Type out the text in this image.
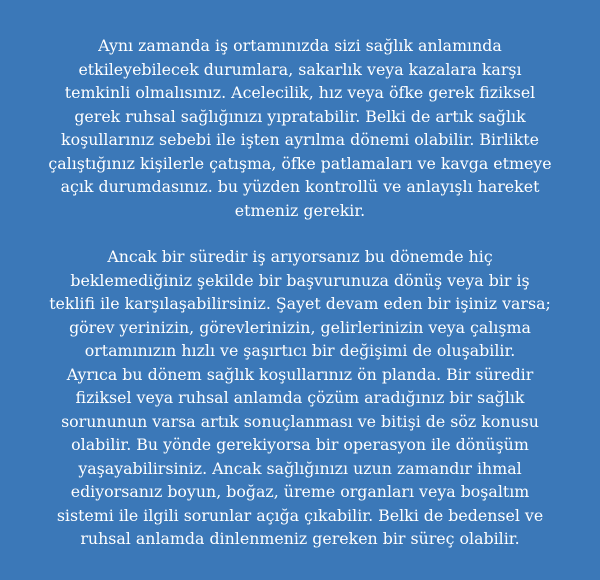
Aynı zamanda iş ortamınızda sizi sağlık anlamında
etkileyebilecek durumlara, sakarlık veya kazalara karşı
temkinli olmalısınız. Acelecilik, hız veya öfke gerek fiziksel
gerek ruhsal sağlığınızı yıpratabilir. Belki de artık sağlık
koşullarınız sebebi ile işten ayrılma dönemi olabilir. Birlikte
çalıştığınız kişilerle çatışma, öfke patlamaları ve kavga etmeye
açık durumdasınız. bu yüzden kontrollü ve anlayışlı hareket
etmeniz gerekir.

Ancak bir süredir iş arıyorsanız bu dönemde hiç
beklemediğiniz şekilde bir başvurunuza dönüş veya bir iş
teklifi ile karşılaşabilirsiniz. Şayet devam eden bir işiniz varsa;
görev yerinizin, görevlerinizin, gelirlerinizin veya çalışma
ortamınızın hızlı ve şaşırtıcı bir değişimi de oluşabilir.
Ayrıca bu dönem sağlık koşullarınız ön planda. Bir süredir
fiziksel veya ruhsal anlamda çözüm aradığınız bir sağlık
sorununun varsa artık sonuçlanması ve bitişi de söz konusu
olabilir. Bu yönde gerekiyorsa bir operasyon ile dönüşüm
yaşayabilirsiniz. Ancak sağlığınızı uzun zamandır ihmal
ediyorsanız boyun, boğaz, üreme organları veya boşaltım
sistemi ile ilgili sorunlar açığa çıkabilir. Belki de bedensel ve
ruhsal anlamda dinlenmeniz gereken bir süreç olabilir.
